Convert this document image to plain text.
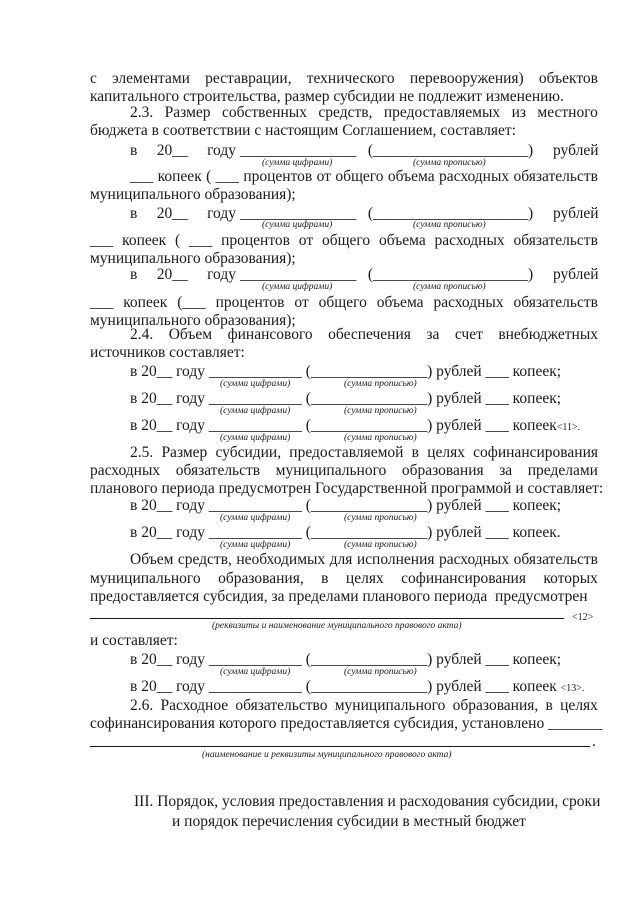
с элементами реставрации, технического перевооружения) объектов
капитального строительства, размер субсидии не подлежит изменению.
2.3. Размер собственных средств, предоставляемых из местного
бюджета в соответствии с настоящим Соглашением, составляет:
в     20__     году _______________   (____________________) рублей
(сумма цифрами)	(сумма прописью)
___ копеек ( ___ процентов от общего объема расходных обязательств
муниципального образования);
в     20__     году _______________   (____________________) рублей
(сумма цифрами)	(сумма прописью)
___ копеек ( ___ процентов от общего объема расходных обязательств
муниципального образования);
в     20__     году _______________   (____________________) рублей
(сумма цифрами)	(сумма прописью)
___ копеек (___ процентов от общего объема расходных обязательств
муниципального образования);
2.4. Объем финансового обеспечения за счет внебюджетных
источников составляет:
в 20__ году ____________ (_______________) рублей ___ копеек;
(сумма цифрами)	(сумма прописью)
в 20__ году ____________ (_______________) рублей ___ копеек;
(сумма цифрами)	(сумма прописью)
в 20__ году ____________ (_______________) рублей ___ копеек<11>.
(сумма цифрами)	(сумма прописью)
2.5. Размер субсидии, предоставляемой в целях софинансирования
расходных обязательств муниципального образования за пределами
планового периода предусмотрен Государственной программой и составляет:
в 20__ году ____________ (_______________) рублей ___ копеек;
(сумма цифрами)	(сумма прописью)
в 20__ году ____________ (_______________) рублей ___ копеек.
(сумма цифрами)	(сумма прописью)
Объем средств, необходимых для исполнения расходных обязательств
муниципального образования, в целях софинансирования которых
предоставляется субсидия, за пределами планового периода  предусмотрен
<12>
(реквизиты и наименование муниципального правового акта)
и составляет:
в 20__ году ____________ (_______________) рублей ___ копеек;
(сумма цифрами)	(сумма прописью)
в 20__ году ____________ (_______________) рублей ___ копеек <13>.
2.6. Расходное обязательство муниципального образования, в целях
софинансирования которого предоставляется субсидия, установлено _______
.
(наименование и реквизиты муниципального правового акта)
III. Порядок, условия предоставления и расходования субсидии, сроки
и порядок перечисления субсидии в местный бюджет
